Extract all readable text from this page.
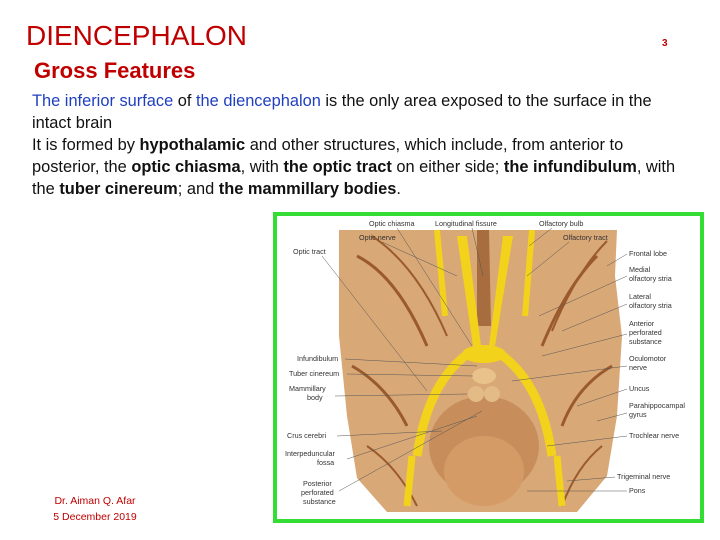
DIENCEPHALON	3
Gross Features

The inferior surface of the diencephalon is the only area exposed to the surface in the intact brain

It is formed by hypothalamic and other structures, which include, from anterior to posterior, the optic chiasma, with the optic tract on either side; the infundibulum, with the tuber cinereum; and the mammillary bodies.

Optic chiasma	Longitudinal fissure	Olfactory bulb
Optic nerve	Olfactory tract
Optic tract	Frontal lobe
Medial
olfactory stria
Lateral
olfactory stria
Anterior
perforated
substance
Oculomotor
nerve
Infundibulum
Tuber cinereum
Uncus
Mammillary
body
Parahippocampal
gyrus
Crus cerebri	Trochlear nerve
Interpeduncular
fossa
Trigeminal nerve
Pons
Posterior
perforated
substance
Dr. Aiman Q. Afar
5 December 2019
